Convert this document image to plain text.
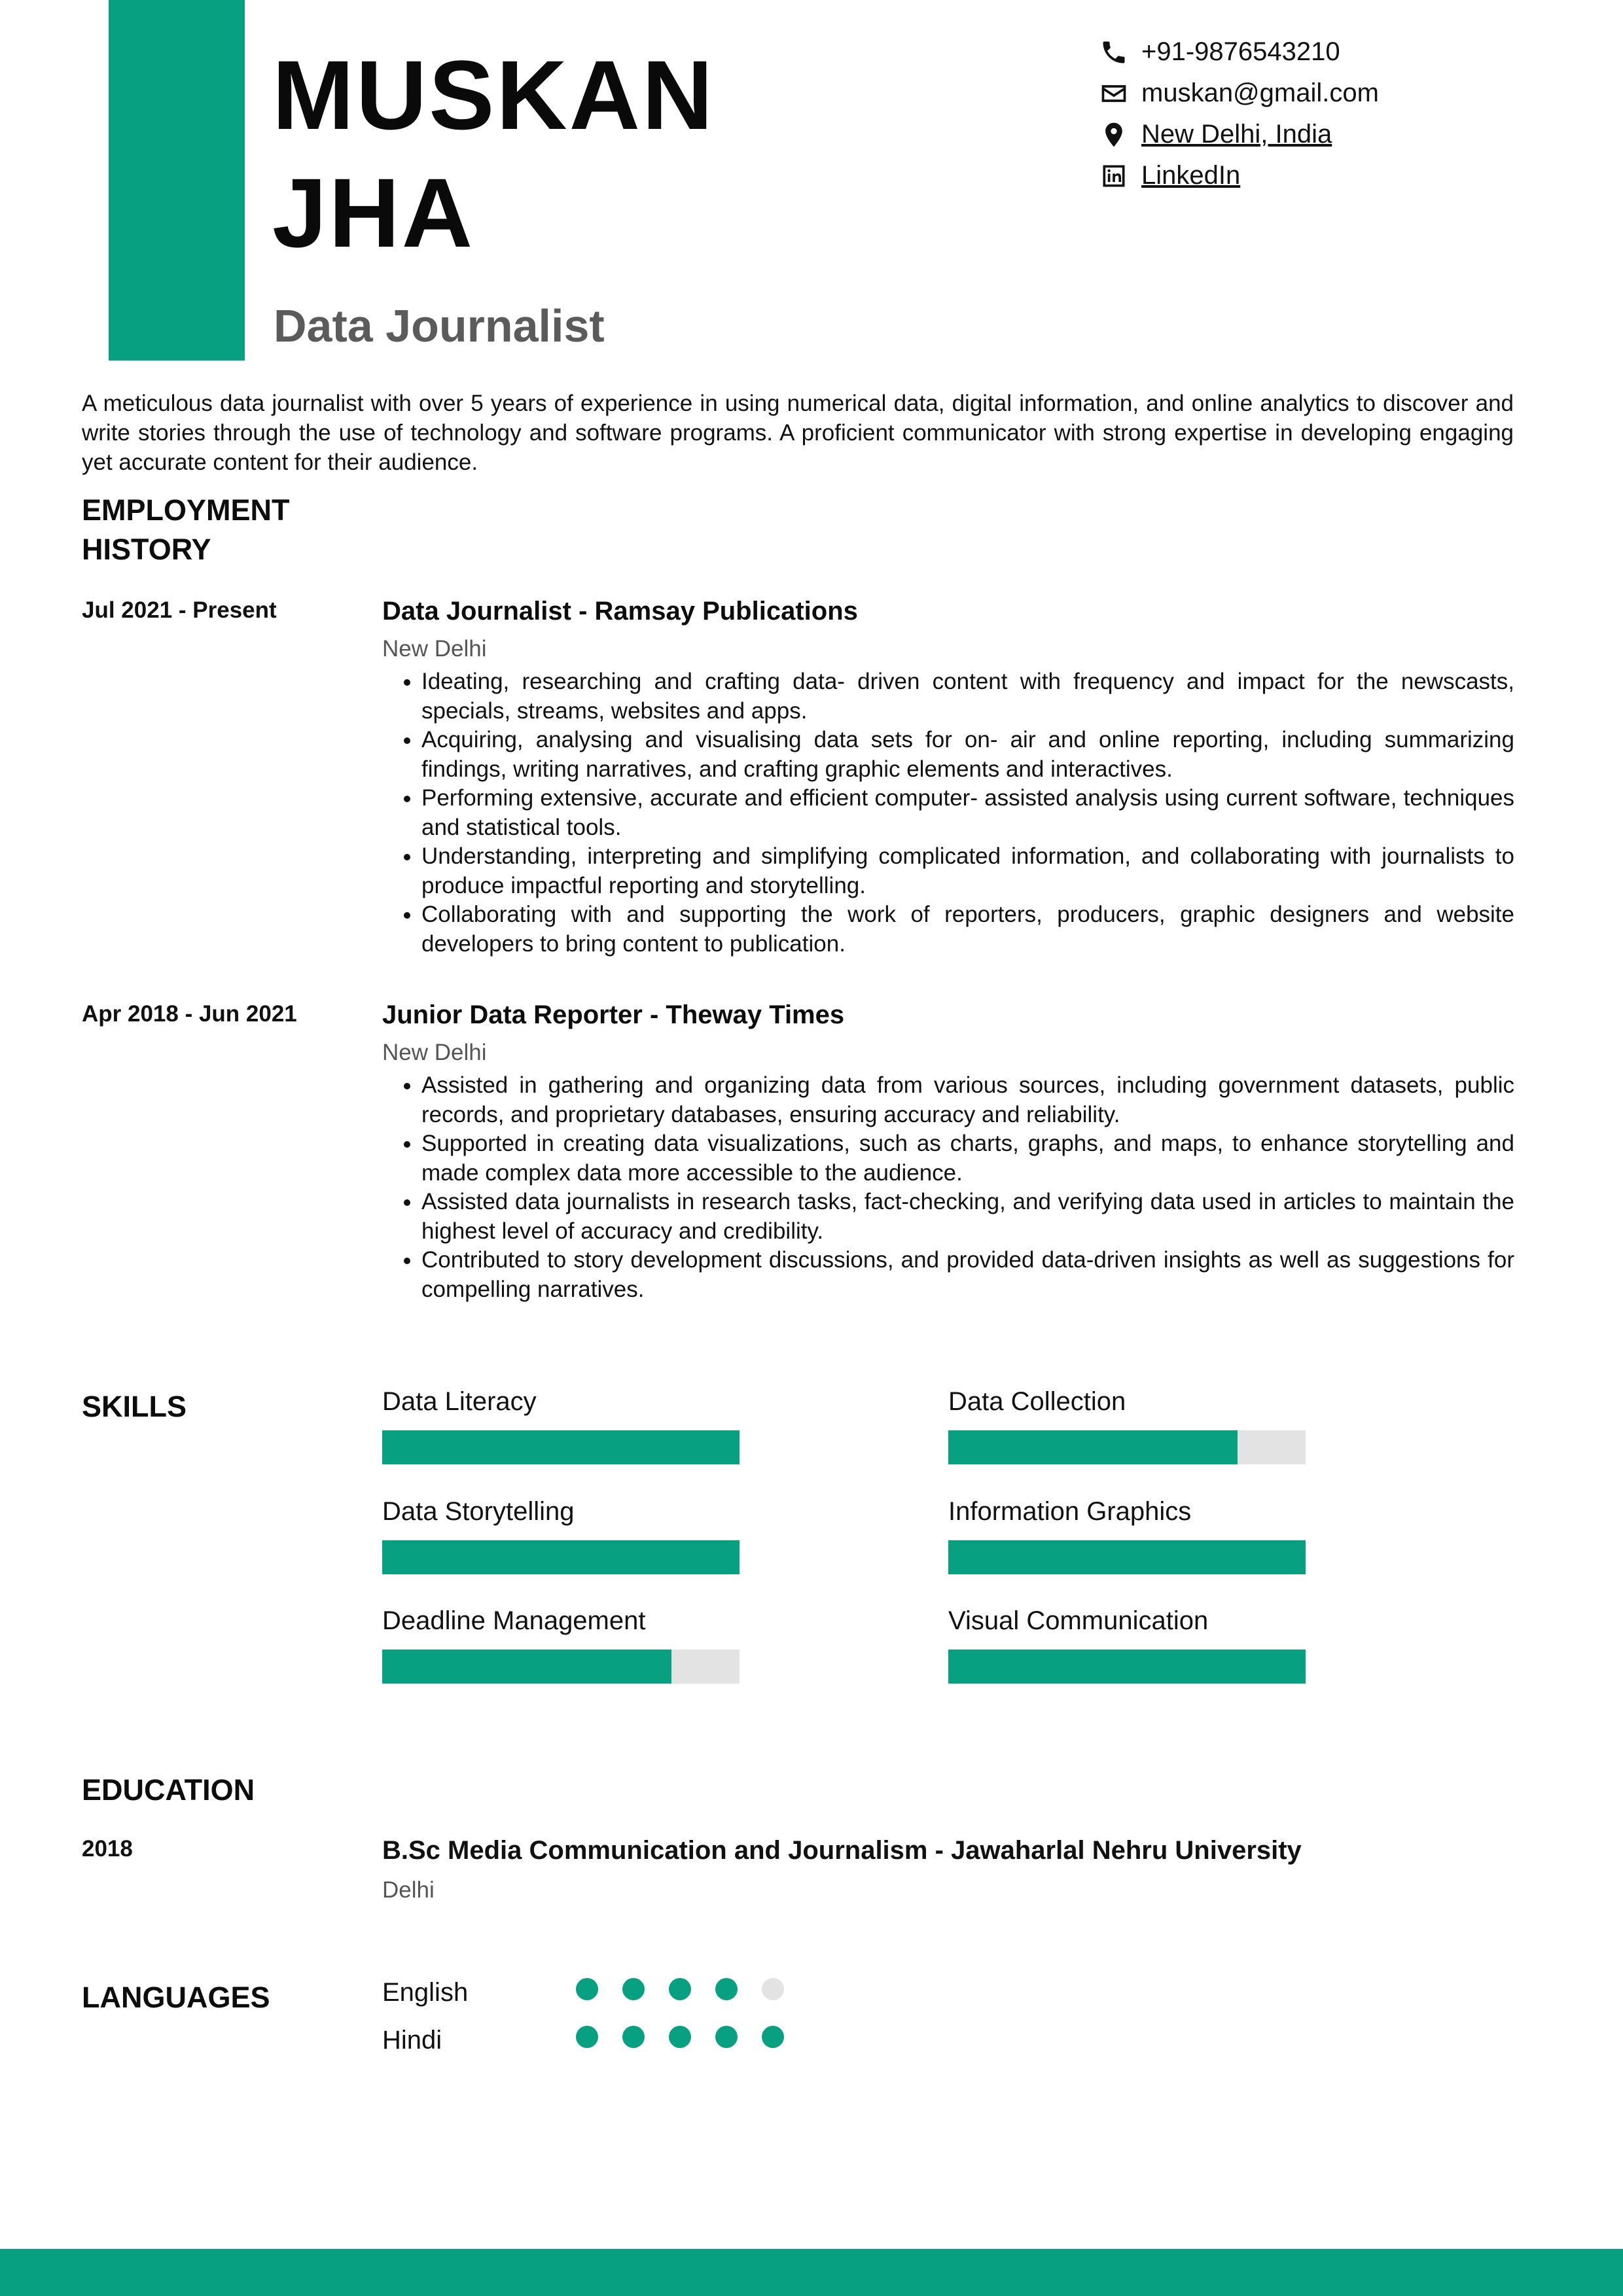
MUSKAN
JHA
Data Journalist
+91-9876543210
muskan@gmail.com
New Delhi, India
LinkedIn
A meticulous data journalist with over 5 years of experience in using numerical data, digital information, and online analytics to discover and write stories through the use of technology and software programs. A proficient communicator with strong expertise in developing engaging yet accurate content for their audience.
EMPLOYMENT
HISTORY
Jul 2021 - Present	Data Journalist - Ramsay Publications
New Delhi
• Ideating, researching and crafting data- driven content with frequency and impact for the newscasts, specials, streams, websites and apps.
• Acquiring, analysing and visualising data sets for on- air and online reporting, including summarizing findings, writing narratives, and crafting graphic elements and interactives.
• Performing extensive, accurate and efficient computer- assisted analysis using current software, techniques and statistical tools.
• Understanding, interpreting and simplifying complicated information, and collaborating with journalists to produce impactful reporting and storytelling.
• Collaborating with and supporting the work of reporters, producers, graphic designers and website developers to bring content to publication.
Apr 2018 - Jun 2021	Junior Data Reporter - Theway Times
New Delhi
• Assisted in gathering and organizing data from various sources, including government datasets, public records, and proprietary databases, ensuring accuracy and reliability.
• Supported in creating data visualizations, such as charts, graphs, and maps, to enhance storytelling and made complex data more accessible to the audience.
• Assisted data journalists in research tasks, fact-checking, and verifying data used in articles to maintain the highest level of accuracy and credibility.
• Contributed to story development discussions, and provided data-driven insights as well as suggestions for compelling narratives.
SKILLS	Data Literacy	Data Collection
Data Storytelling	Information Graphics
Deadline Management	Visual Communication
EDUCATION
2018	B.Sc Media Communication and Journalism - Jawaharlal Nehru University
Delhi
LANGUAGES	English
Hindi
